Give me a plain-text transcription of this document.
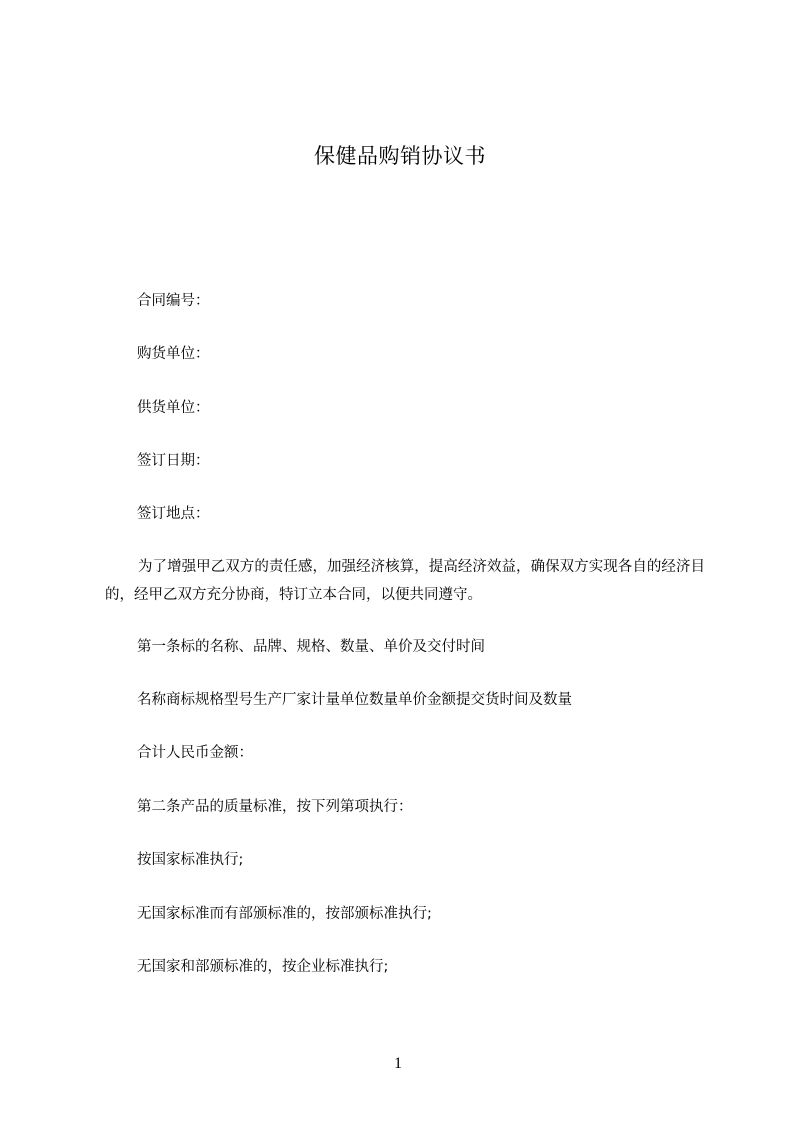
保健品购销协议书
合同编号：
购货单位：
供货单位：
签订日期：
签订地点：
为了增强甲乙双方的责任感，加强经济核算，提高经济效益，确保双方实现各自的经济目的，经甲乙双方充分协商，特订立本合同，以便共同遵守。
第一条标的名称、品牌、规格、数量、单价及交付时间
名称商标规格型号生产厂家计量单位数量单价金额提交货时间及数量
合计人民币金额：
第二条产品的质量标准，按下列第项执行：
按国家标准执行;
无国家标准而有部颁标准的，按部颁标准执行;
无国家和部颁标准的，按企业标准执行;
1
